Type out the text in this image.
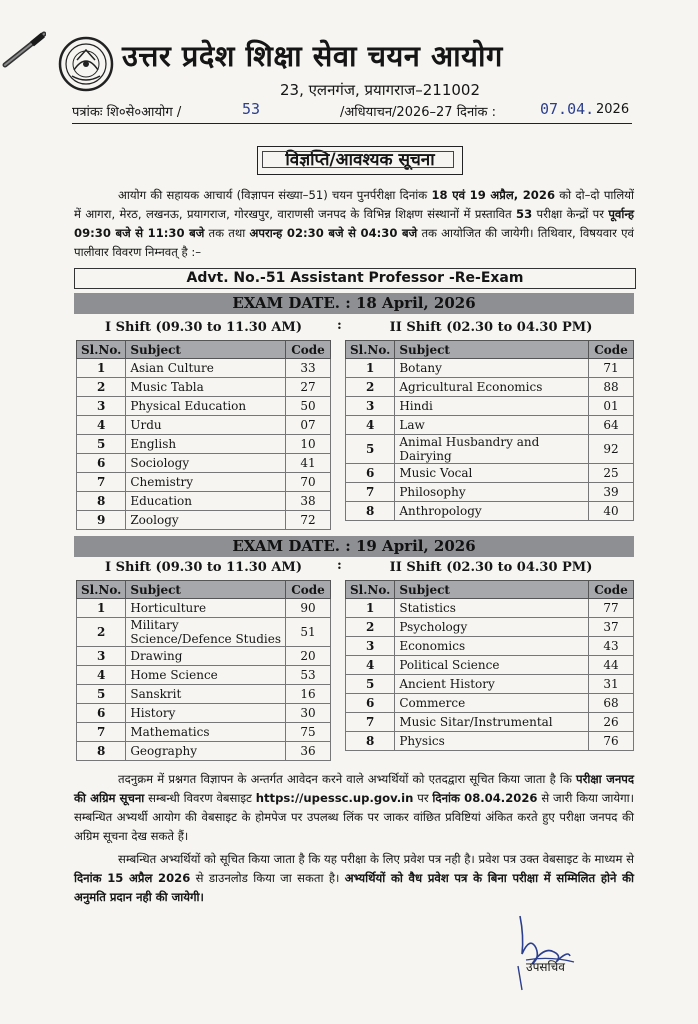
उत्तर प्रदेश शिक्षा सेवा चयन आयोग
23, एलनगंज, प्रयागराज–211002
पत्रांकः शि०से०आयोग /	53	/अधियाचन/2026–27 दिनांक :	07.04. 2026
विज्ञप्ति/आवश्यक सूचना
आयोग की सहायक आचार्य (विज्ञापन संख्या–51) चयन पुनर्परीक्षा दिनांक 18 एवं 19 अप्रैल, 2026 को दो–दो पालियों में आगरा, मेरठ, लखनऊ, प्रयागराज, गोरखपुर, वाराणसी जनपद के विभिन्न शिक्षण संस्थानों में प्रस्तावित 53 परीक्षा केन्द्रों पर पूर्वान्ह 09:30 बजे से 11:30 बजे तक तथा अपरान्ह 02:30 बजे से 04:30 बजे तक आयोजित की जायेगी। तिथिवार, विषयवार एवं पालीवार विवरण निम्नवत् है :–
Advt. No.-51 Assistant Professor -Re-Exam
EXAM DATE. : 18 April, 2026
I Shift (09.30 to 11.30 AM)	:	II Shift (02.30 to 04.30 PM)
Sl.No.	Subject	Code
1	Asian Culture	33
2	Music Tabla	27
3	Physical Education	50
4	Urdu	07
5	English	10
6	Sociology	41
7	Chemistry	70
8	Education	38
9	Zoology	72
Sl.No.	Subject	Code
1	Botany	71
2	Agricultural Economics	88
3	Hindi	01
4	Law	64
5	Animal Husbandry and Dairying	92
6	Music Vocal	25
7	Philosophy	39
8	Anthropology	40
EXAM DATE. : 19 April, 2026
I Shift (09.30 to 11.30 AM)	:	II Shift (02.30 to 04.30 PM)
Sl.No.	Subject	Code
1	Horticulture	90
2	Military Science/Defence Studies	51
3	Drawing	20
4	Home Science	53
5	Sanskrit	16
6	History	30
7	Mathematics	75
8	Geography	36
Sl.No.	Subject	Code
1	Statistics	77
2	Psychology	37
3	Economics	43
4	Political Science	44
5	Ancient History	31
6	Commerce	68
7	Music Sitar/Instrumental	26
8	Physics	76
तदनुक्रम में प्रश्नगत विज्ञापन के अन्तर्गत आवेदन करने वाले अभ्यर्थियों को एतदद्वारा सूचित किया जाता है कि परीक्षा जनपद की अग्रिम सूचना सम्बन्धी विवरण वेबसाइट https://upessc.up.gov.in पर दिनांक 08.04.2026 से जारी किया जायेगा। सम्बन्धित अभ्यर्थी आयोग की वेबसाइट के होमपेज पर उपलब्ध लिंक पर जाकर वांछित प्रविष्टियां अंकित करते हुए परीक्षा जनपद की अग्रिम सूचना देख सकते हैं।
सम्बन्धित अभ्यर्थियों को सूचित किया जाता है कि यह परीक्षा के लिए प्रवेश पत्र नही है। प्रवेश पत्र उक्त वेबसाइट के माध्यम से दिनांक 15 अप्रैल 2026 से डाउनलोड किया जा सकता है। अभ्यर्थियों को वैध प्रवेश पत्र के बिना परीक्षा में सम्मिलित होने की अनुमति प्रदान नही की जायेगी।
उपसचिव
